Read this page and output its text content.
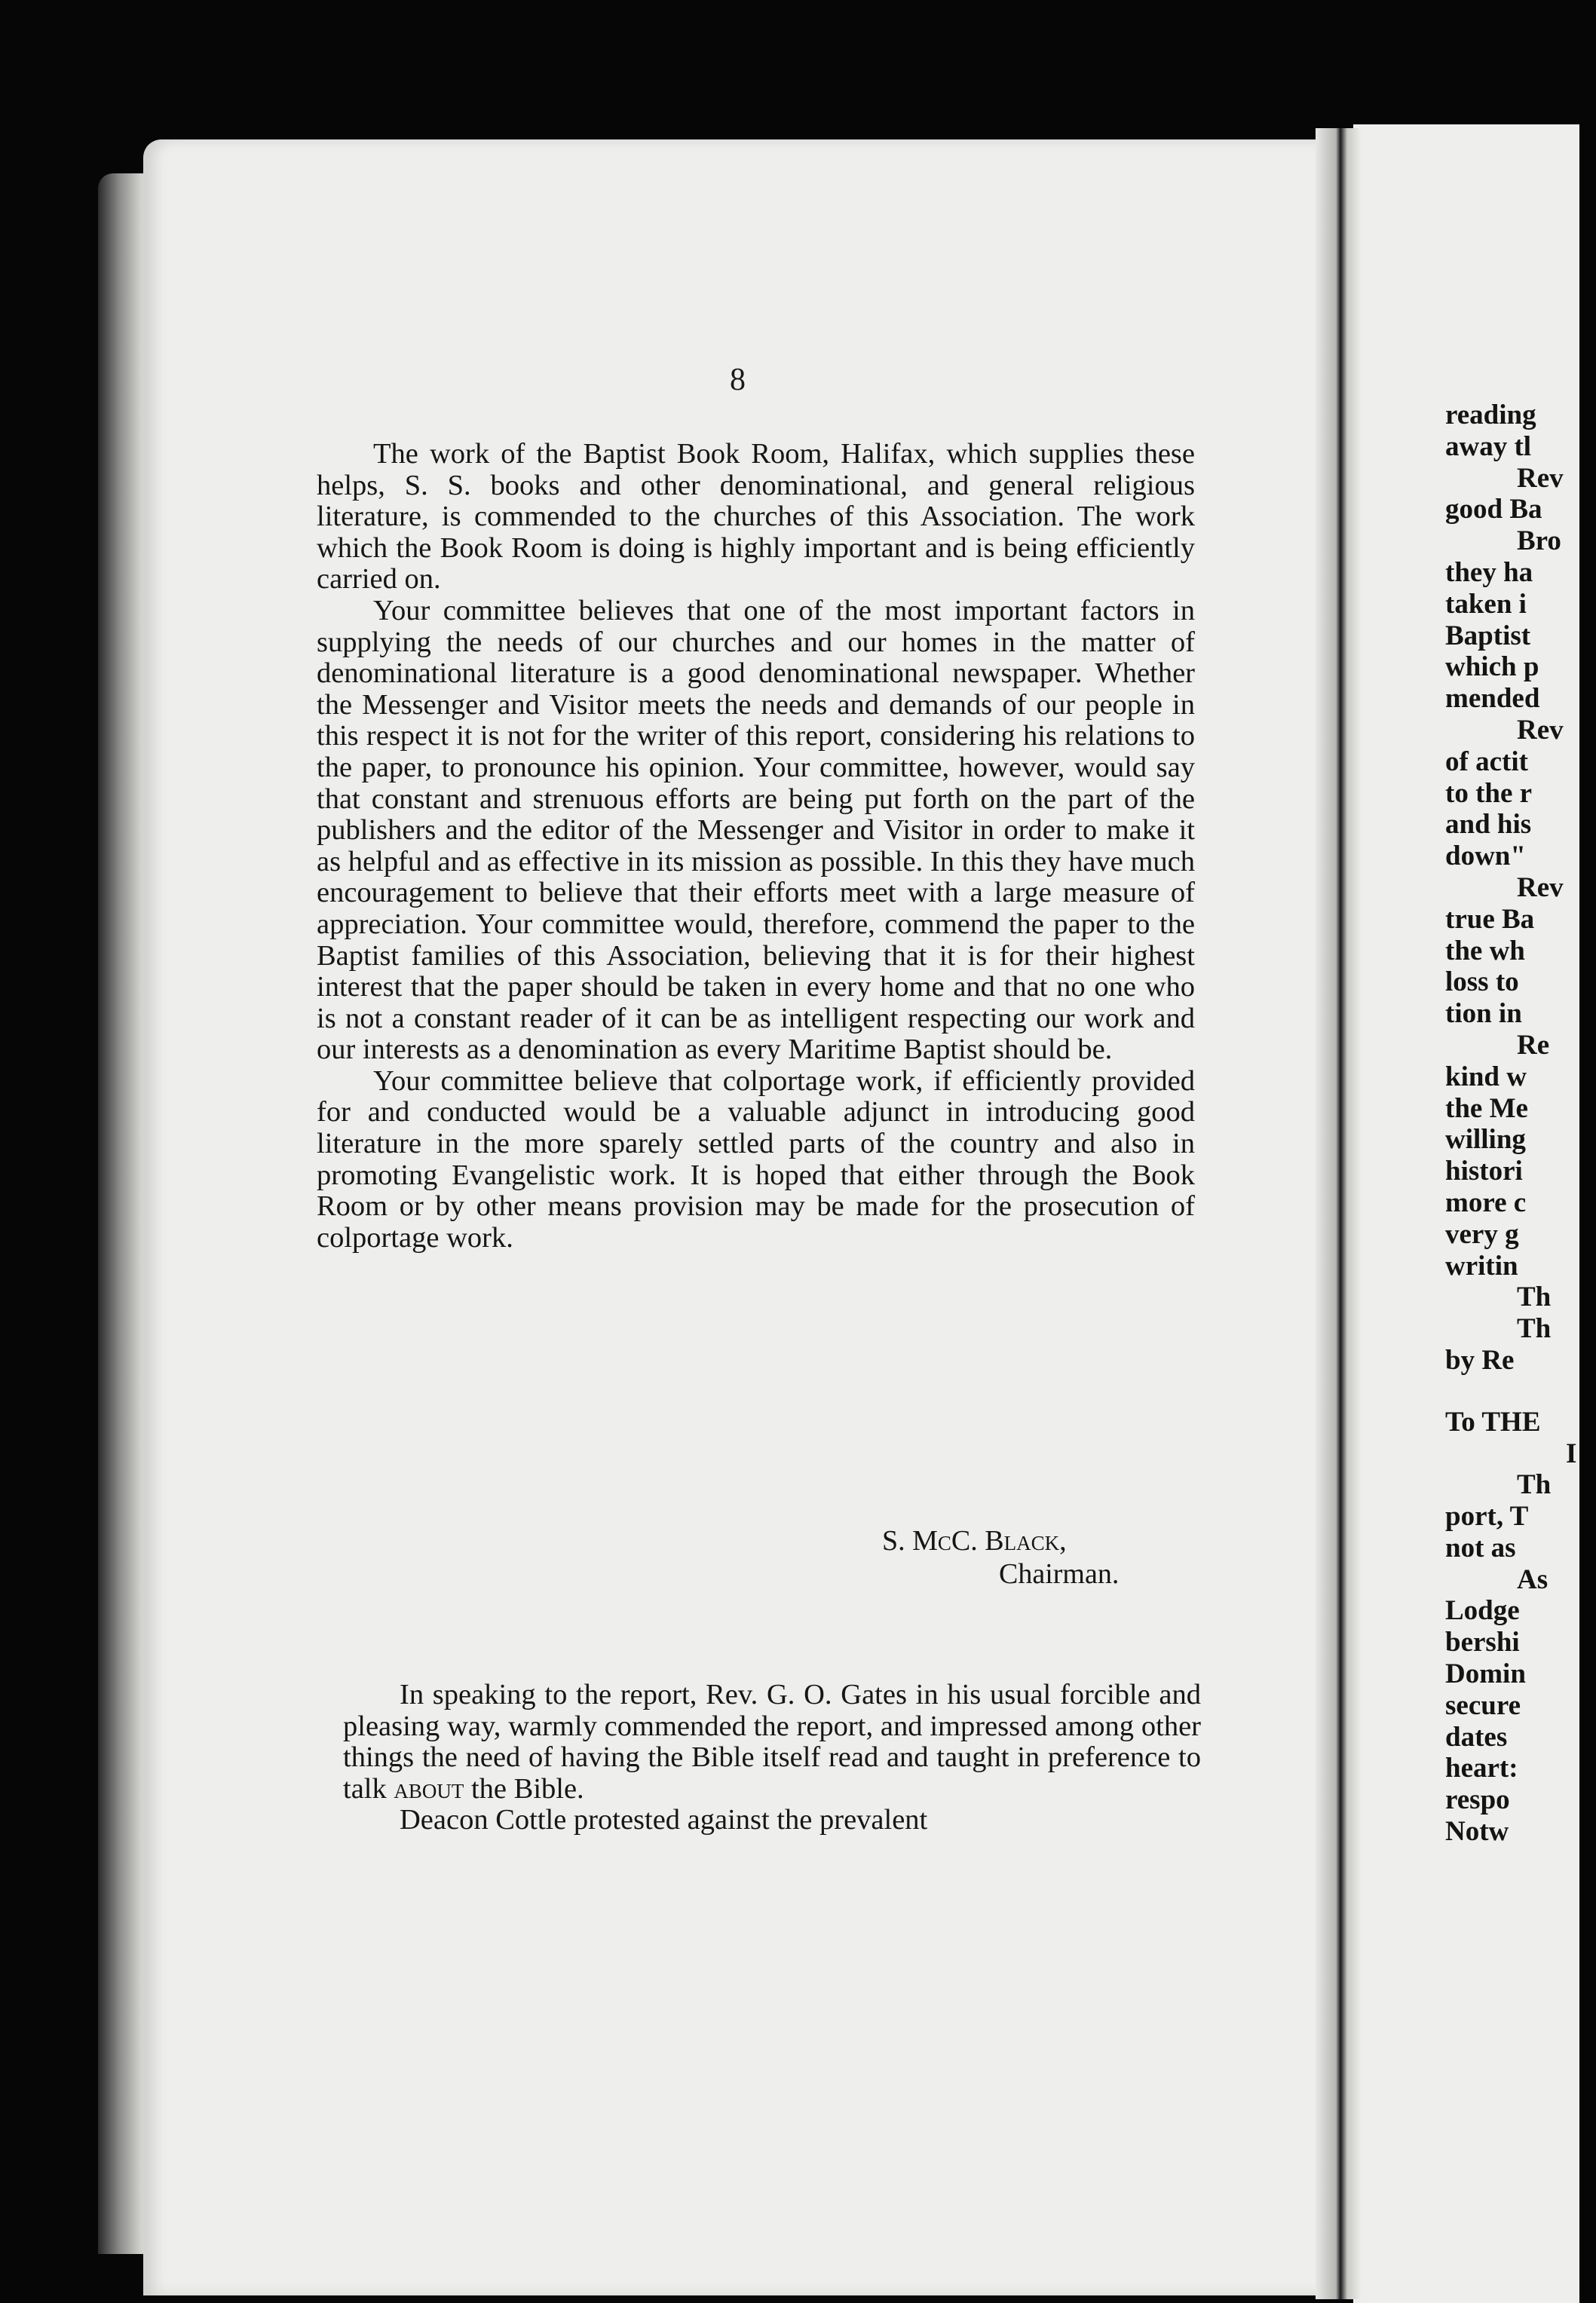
8

The work of the Baptist Book Room, Halifax, which supplies these helps, S. S. books and other denominational, and general religious literature, is commended to the churches of this Association. The work which the Book Room is doing is highly important and is being efficiently carried on.

Your committee believes that one of the most important factors in supplying the needs of our churches and our homes in the matter of denominational literature is a good denominational newspaper. Whether the Messenger and Visitor meets the needs and demands of our people in this respect it is not for the writer of this report, considering his relations to the paper, to pronounce his opinion. Your committee, however, would say that constant and strenuous efforts are being put forth on the part of the publishers and the editor of the Messenger and Visitor in order to make it as helpful and as effective in its mission as possible. In this they have much encouragement to believe that their efforts meet with a large measure of appreciation. Your committee would, therefore, commend the paper to the Baptist families of this Association, believing that it is for their highest interest that the paper should be taken in every home and that no one who is not a constant reader of it can be as intelligent respecting our work and our interests as a denomination as every Maritime Baptist should be.

Your committee believe that colportage work, if efficiently provided for and conducted would be a valuable adjunct in introducing good literature in the more sparely settled parts of the country and also in promoting Evangelistic work. It is hoped that either through the Book Room or by other means provision may be made for the prosecution of colportage work.

S. McC. Black,
Chairman.

In speaking to the report, Rev. G. O. Gates in his usual forcible and pleasing way, warmly commended the report, and impressed among other things the need of having the Bible itself read and taught in preference to talk about the Bible.

Deacon Cottle protested against the prevalent

reading
away tl
Rev
good Ba
Bro
they ha
taken i
Baptist
which p
mended
Rev
of actit
to the r
and his
down"
Rev
true Ba
the wh
loss to
tion in
Re
kind w
the Me
willing
histori
more c
very g
writin
Th
Th
by Re
To THE
I
Th
port, T
not as
As
Lodge
bershi
Domin
secure
dates
heart:
respo
Notw
